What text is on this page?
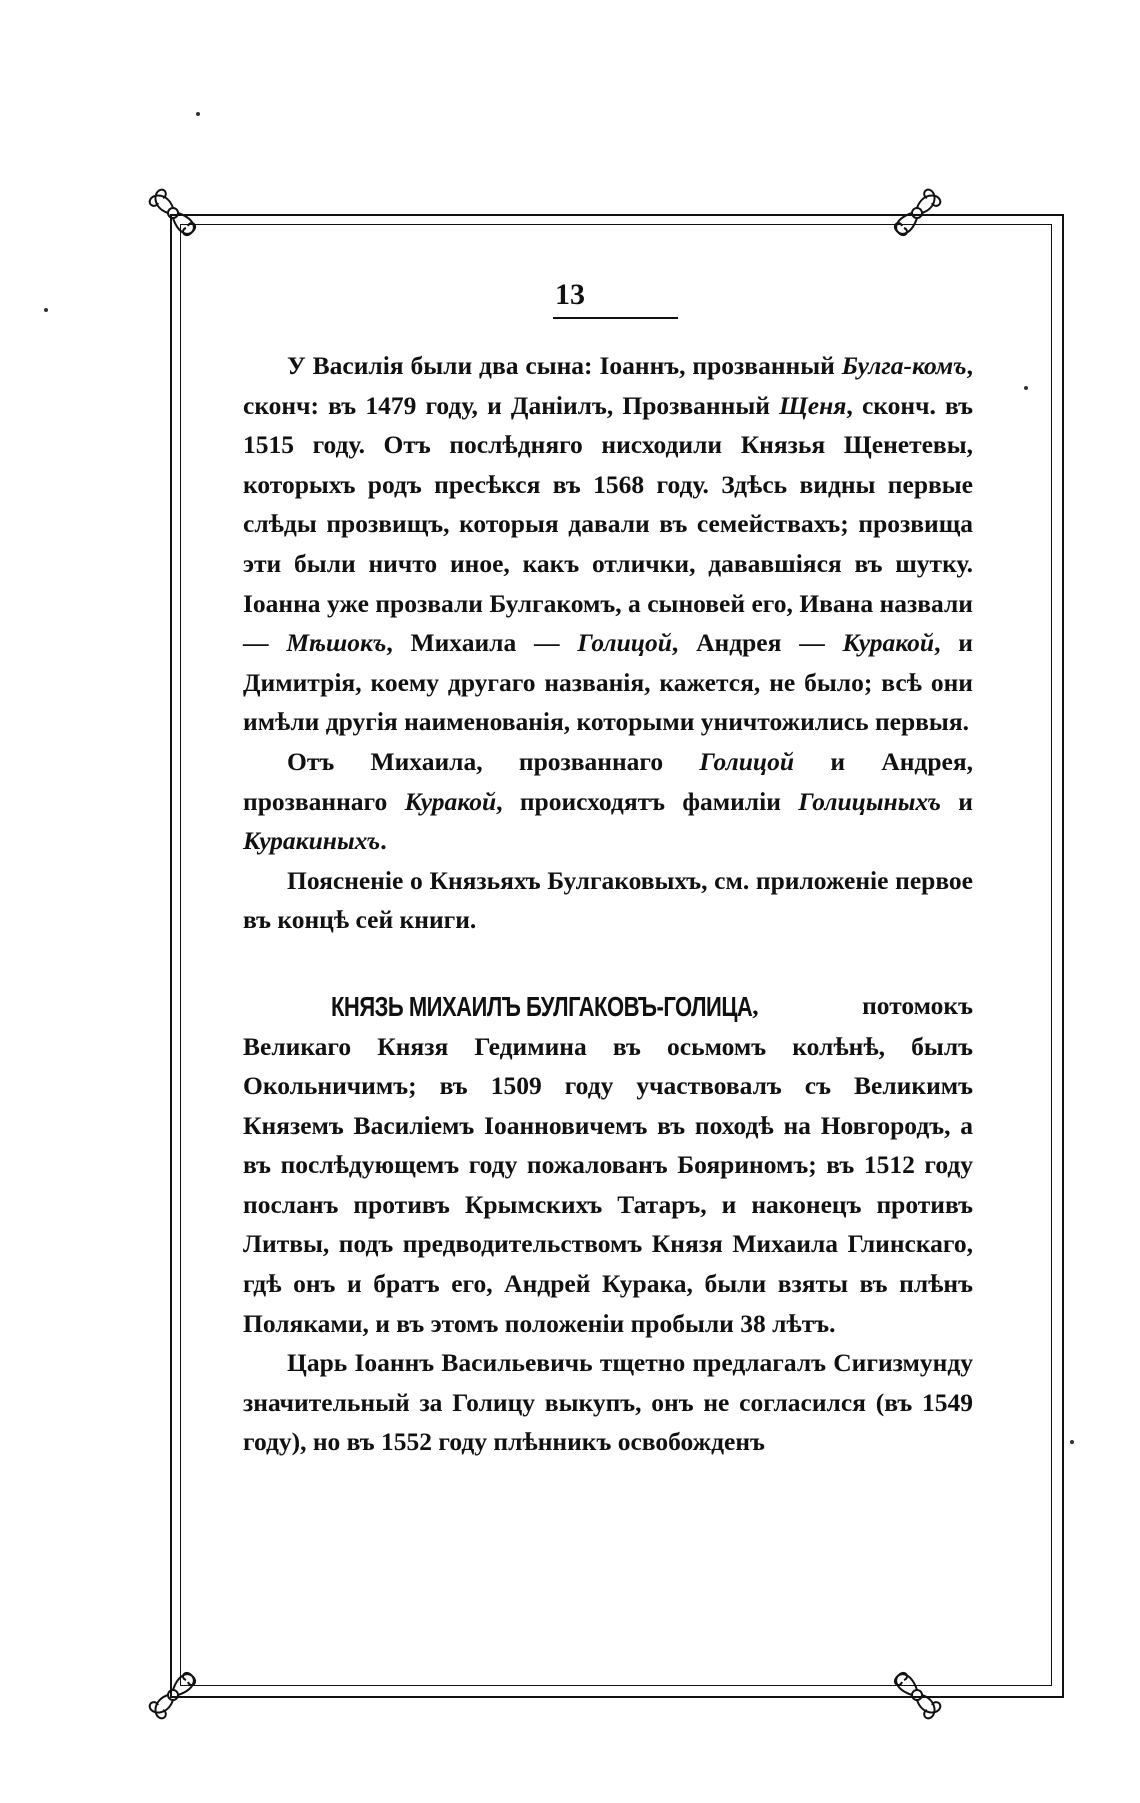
13

У Василія были два сына: Іоаннъ, прозванный Булга-комъ, сконч: въ 1479 году, и Даніилъ, Прозванный Щеня, сконч. въ 1515 году. Отъ послѣдняго нисходили Князья Щенетевы, которыхъ родъ пресѣкся въ 1568 году. Здѣсь видны первые слѣды прозвищъ, которыя давали въ семействахъ; прозвища эти были ничто иное, какъ отлички, дававшіяся въ шутку. Іоанна уже прозвали Булгакомъ, а сыновей его, Ивана назвали — Мѣшокъ, Михаила — Голицой, Андрея — Куракой, и Димитрія, коему другаго названія, кажется, не было; всѣ они имѣли другія наименованія, которыми уничтожились первыя.

Отъ Михаила, прозваннаго Голицой и Андрея, прозваннаго Куракой, происходятъ фамиліи Голицыныхъ и Куракиныхъ.

Поясненіе о Князьяхъ Булгаковыхъ, см. приложеніе первое въ концѣ сей книги.

КНЯЗЬ МИХАИЛЪ БУЛГАКОВЪ-ГОЛИЦА, потомокъ Великаго Князя Гедимина въ осьмомъ колѣнѣ, былъ Окольничимъ; въ 1509 году участвовалъ съ Великимъ Княземъ Василіемъ Іоанновичемъ въ походѣ на Новгородъ, а въ послѣдующемъ году пожалованъ Бояриномъ; въ 1512 году посланъ противъ Крымскихъ Татаръ, и наконецъ противъ Литвы, подъ предводительствомъ Князя Михаила Глинскаго, гдѣ онъ и братъ его, Андрей Курака, были взяты въ плѣнъ Поляками, и въ этомъ положеніи пробыли 38 лѣтъ.

Царь Іоаннъ Васильевичь тщетно предлагалъ Сигизмунду значительный за Голицу выкупъ, онъ не согласился (въ 1549 году), но въ 1552 году плѣнникъ освобожденъ
